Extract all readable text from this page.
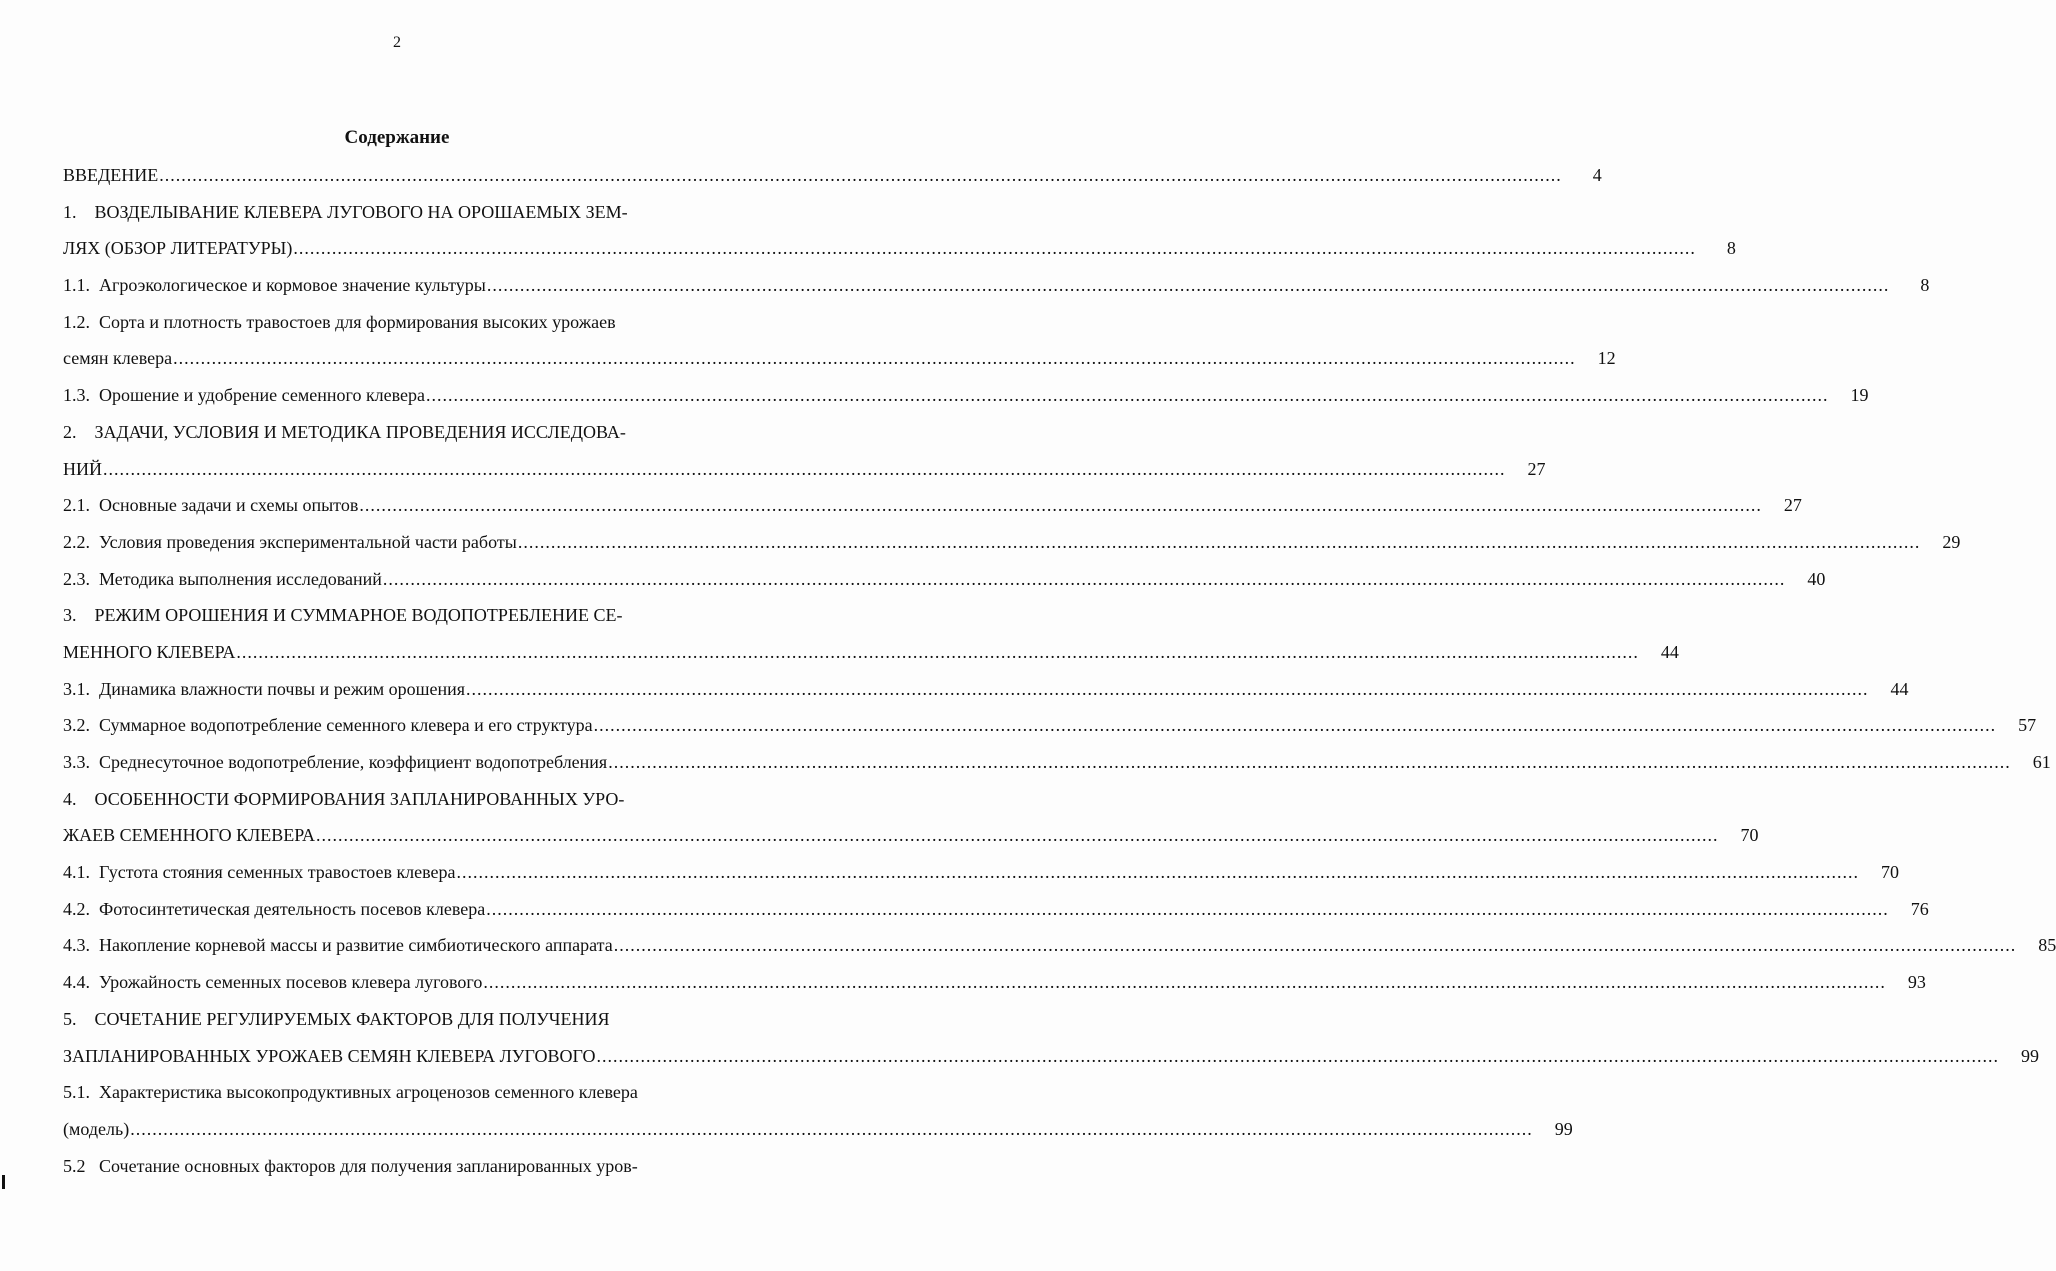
2
Содержание
ВВЕДЕНИЕ .....	4
1.    ВОЗДЕЛЫВАНИЕ КЛЕВЕРА ЛУГОВОГО НА ОРОШАЕМЫХ ЗЕМ-
ЛЯХ (ОБЗОР ЛИТЕРАТУРЫ) .....	8
1.1.  Агроэкологическое и кормовое значение культуры .....	8
1.2.  Сорта и плотность травостоев для формирования высоких урожаев
семян клевера .....	12
1.3.  Орошение и удобрение семенного клевера .....	19
2.    ЗАДАЧИ, УСЛОВИЯ И МЕТОДИКА ПРОВЕДЕНИЯ ИССЛЕДОВА-
НИЙ .....	27
2.1.  Основные задачи и схемы опытов .....	27
2.2.  Условия проведения экспериментальной части работы .....	29
2.3.  Методика выполнения исследований .....	40
3.    РЕЖИМ ОРОШЕНИЯ И СУММАРНОЕ ВОДОПОТРЕБЛЕНИЕ СЕ-
МЕННОГО КЛЕВЕРА .....	44
3.1.  Динамика влажности почвы и режим орошения .....	44
3.2.  Суммарное водопотребление семенного клевера и его структура .....	57
3.3.  Среднесуточное водопотребление, коэффициент водопотребления .....	61
4.    ОСОБЕННОСТИ ФОРМИРОВАНИЯ ЗАПЛАНИРОВАННЫХ УРО-
ЖАЕВ СЕМЕННОГО КЛЕВЕРА .....	70
4.1.  Густота стояния семенных травостоев клевера .....	70
4.2.  Фотосинтетическая деятельность посевов клевера .....	76
4.3.  Накопление корневой массы и развитие симбиотического аппарата .....	85
4.4.  Урожайность семенных посевов клевера лугового .....	93
5.    СОЧЕТАНИЕ РЕГУЛИРУЕМЫХ ФАКТОРОВ ДЛЯ ПОЛУЧЕНИЯ
ЗАПЛАНИРОВАННЫХ УРОЖАЕВ СЕМЯН КЛЕВЕРА ЛУГОВОГО .....	99
5.1.  Характеристика высокопродуктивных агроценозов семенного клевера
(модель) .....	99
5.2   Сочетание основных факторов для получения запланированных уров-
